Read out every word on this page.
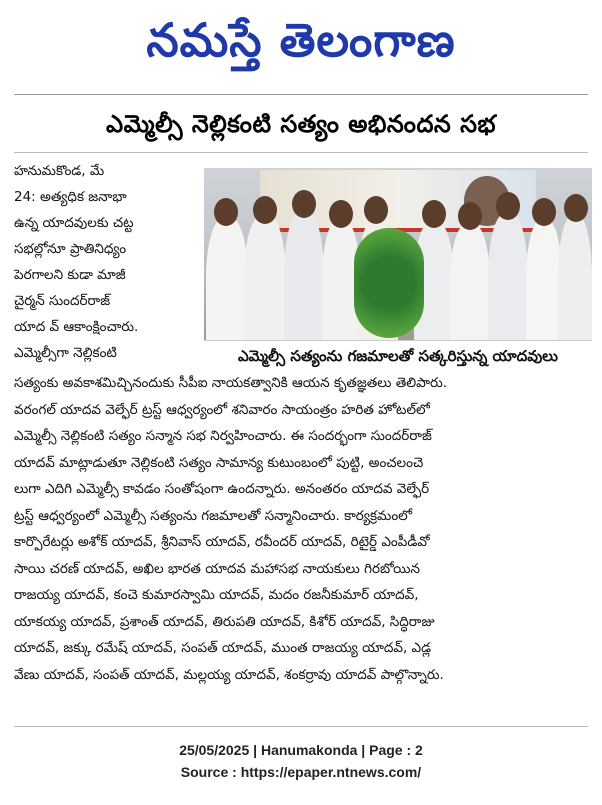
నమస్తే తెలంగాణ
ఎమ్మెల్సీ నెల్లికంటి సత్యం అభినందన సభ
హనుమకొండ, మే
24: అత్యధిక జనాభా
ఉన్న యాదవులకు చట్ట
సభల్లోనూ ప్రాతినిధ్యం
పెరగాలని కుడా మాజీ
చైర్మన్ సుందర్‌రాజ్
యాద వ్ ఆకాంక్షించారు.
ఎమ్మెల్సీగా నెల్లికంటి	ఎమ్మెల్సీ సత్యంను గజమాలతో సత్కరిస్తున్న యాదవులు
సత్యంకు అవకాశమిచ్చినందుకు సీపీఐ నాయకత్వానికి ఆయన కృతజ్ఞతలు తెలిపారు.
వరంగల్ యాదవ వెల్ఫేర్ ట్రస్ట్ ఆధ్వర్యంలో శనివారం సాయంత్రం హరిత హోటల్‌లో
ఎమ్మెల్సీ నెల్లికంటి సత్యం సన్మాన సభ నిర్వహించారు. ఈ సందర్భంగా సుందర్‌రాజ్
యాదవ్ మాట్లాడుతూ నెల్లికంటి సత్యం సామాన్య కుటుంబంలో పుట్టి, అంచలంచె
లుగా ఎదిగి ఎమ్మెల్సీ కావడం సంతోషంగా ఉందన్నారు. అనంతరం యాదవ వెల్ఫేర్
ట్రస్ట్ ఆధ్వర్యంలో ఎమ్మెల్సీ సత్యంను గజమాలతో సన్మానించారు. కార్యక్రమంలో
కార్పొరేటర్లు అశోక్ యాదవ్, శ్రీనివాస్ యాదవ్, రవీందర్ యాదవ్, రిటైర్డ్ ఎంపీడీవో
సాయి చరణ్ యాదవ్, అఖిల భారత యాదవ మహాసభ నాయకులు గిరబోయిన
రాజయ్య యాదవ్, కంచె కుమారస్వామి యాదవ్, మదం రజనీకుమార్ యాదవ్,
యాకయ్య యాదవ్, ప్రశాంత్ యాదవ్, తిరుపతి యాదవ్, కిశోర్ యాదవ్, సిద్ధిరాజు
యాదవ్, జక్కు రమేష్ యాదవ్, సంపత్ యాదవ్, ముంత రాజయ్య యాదవ్, ఎడ్ల
వేణు యాదవ్, సంపత్ యాదవ్, మల్లయ్య యాదవ్, శంకర్రావు యాదవ్ పాల్గొన్నారు.
25/05/2025 | Hanumakonda | Page : 2
Source : https://epaper.ntnews.com/
